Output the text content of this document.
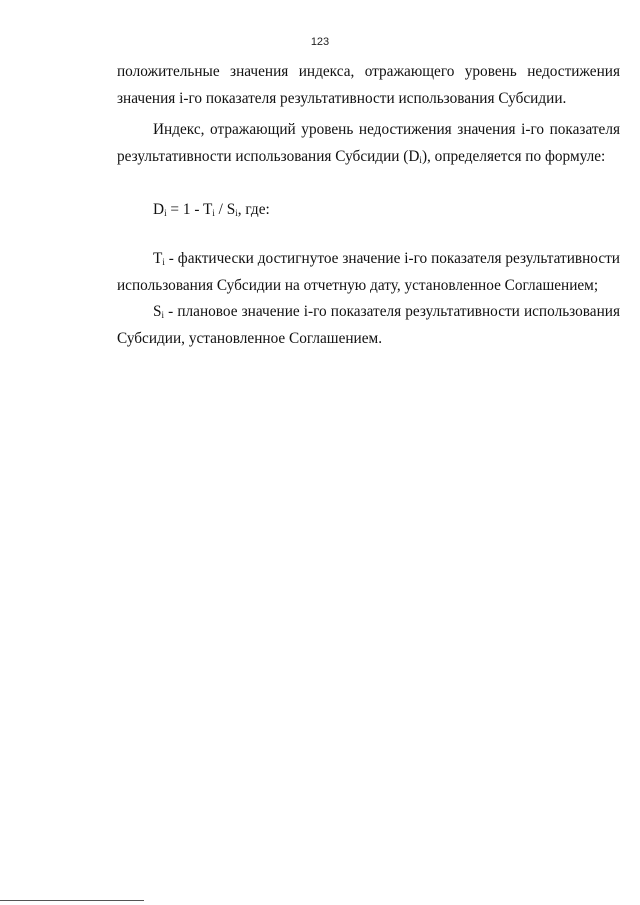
123
положительные значения индекса, отражающего уровень недостижения значения i-го показателя результативности использования Субсидии.
Индекс, отражающий уровень недостижения значения i-го показателя результативности использования Субсидии $(D_i)$, определяется по формуле:
$D_i = 1 - T_i / S_i$, где:
$T_i$ - фактически достигнутое значение i-го показателя результативности использования Субсидии на отчетную дату, установленное Соглашением;
$S_i$ - плановое значение i-го показателя результативности использования Субсидии, установленное Соглашением.
